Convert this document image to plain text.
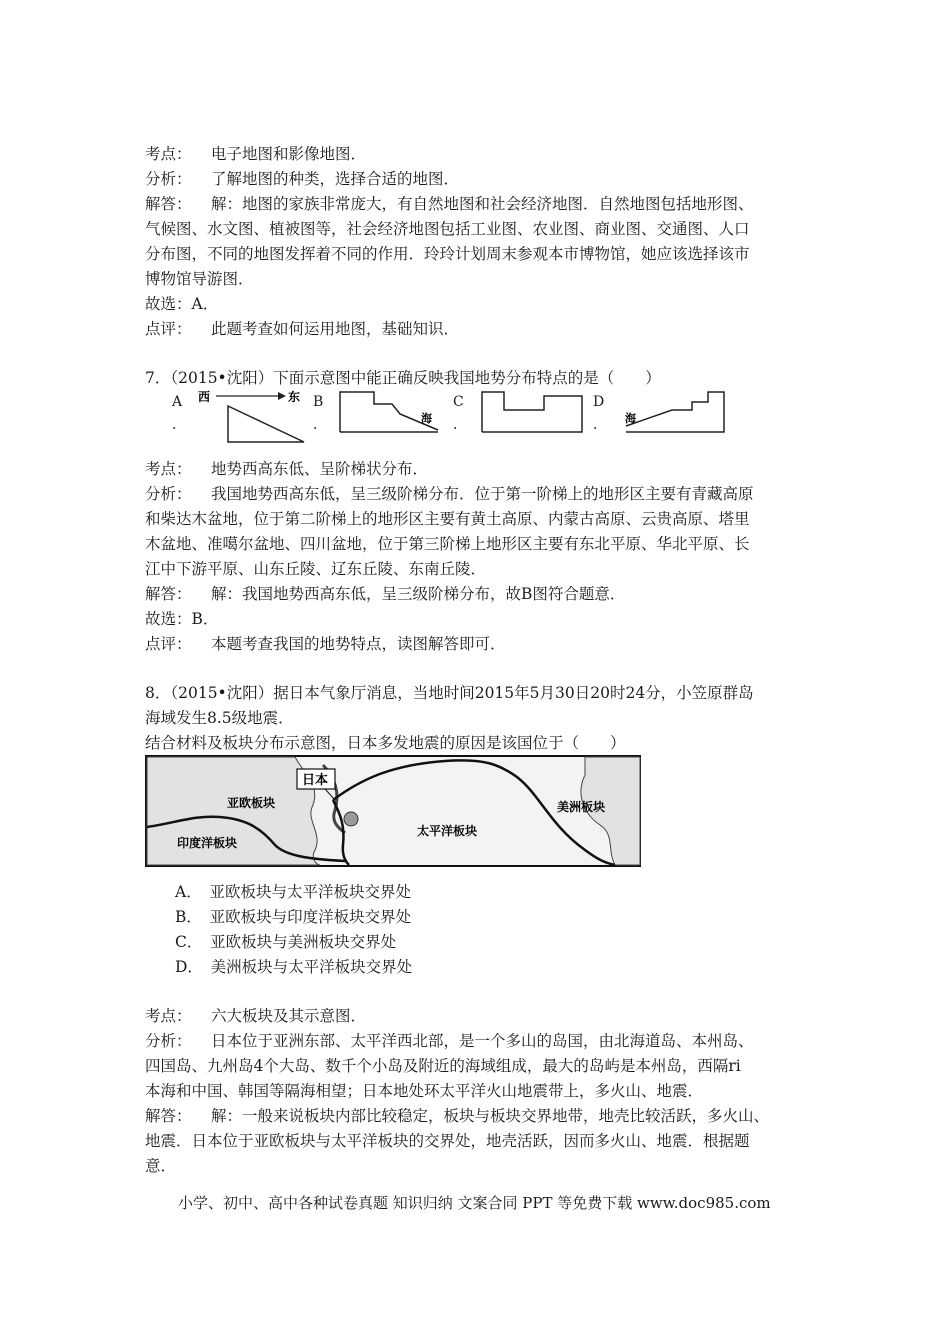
考点： 电子地图和影像地图．
分析： 了解地图的种类，选择合适的地图．
解答： 解：地图的家族非常庞大，有自然地图和社会经济地图．自然地图包括地形图、
气候图、水文图、植被图等，社会经济地图包括工业图、农业图、商业图、交通图、人口
分布图，不同的地图发挥着不同的作用．玲玲计划周末参观本市博物馆，她应该选择该市
博物馆导游图．
故选：A．
点评： 此题考查如何运用地图，基础知识．
7．（2015•沈阳）下面示意图中能正确反映我国地势分布特点的是（　　）
A
．
西	东 B
．	海
C
．
D
． 海
考点： 地势西高东低、呈阶梯状分布．
分析： 我国地势西高东低，呈三级阶梯分布．位于第一阶梯上的地形区主要有青藏高原
和柴达木盆地，位于第二阶梯上的地形区主要有黄土高原、内蒙古高原、云贵高原、塔里
木盆地、准噶尔盆地、四川盆地，位于第三阶梯上地形区主要有东北平原、华北平原、长
江中下游平原、山东丘陵、辽东丘陵、东南丘陵．
解答： 解：我国地势西高东低，呈三级阶梯分布，故B图符合题意．
故选：B．
点评： 本题考查我国的地势特点，读图解答即可．
8．（2015•沈阳）据日本气象厅消息，当地时间2015年5月30日20时24分，小笠原群岛
海域发生8.5级地震．
结合材料及板块分布示意图，日本多发地震的原因是该国位于（　　）
日本
亚欧板块
印度洋板块
太平洋板块
美洲板块
A．　亚欧板块与太平洋板块交界处
B．　亚欧板块与印度洋板块交界处
C．　亚欧板块与美洲板块交界处
D．　美洲板块与太平洋板块交界处
考点： 六大板块及其示意图．
分析： 日本位于亚洲东部、太平洋西北部，是一个多山的岛国，由北海道岛、本州岛、
四国岛、九州岛4个大岛、数千个小岛及附近的海域组成，最大的岛屿是本州岛，西隔ri
本海和中国、韩国等隔海相望；日本地处环太平洋火山地震带上，多火山、地震．
解答： 解：一般来说板块内部比较稳定，板块与板块交界地带，地壳比较活跃，多火山、
地震．日本位于亚欧板块与太平洋板块的交界处，地壳活跃，因而多火山、地震．根据题
意．
小学、初中、高中各种试卷真题 知识归纳 文案合同 PPT 等免费下载 www.doc985.com
